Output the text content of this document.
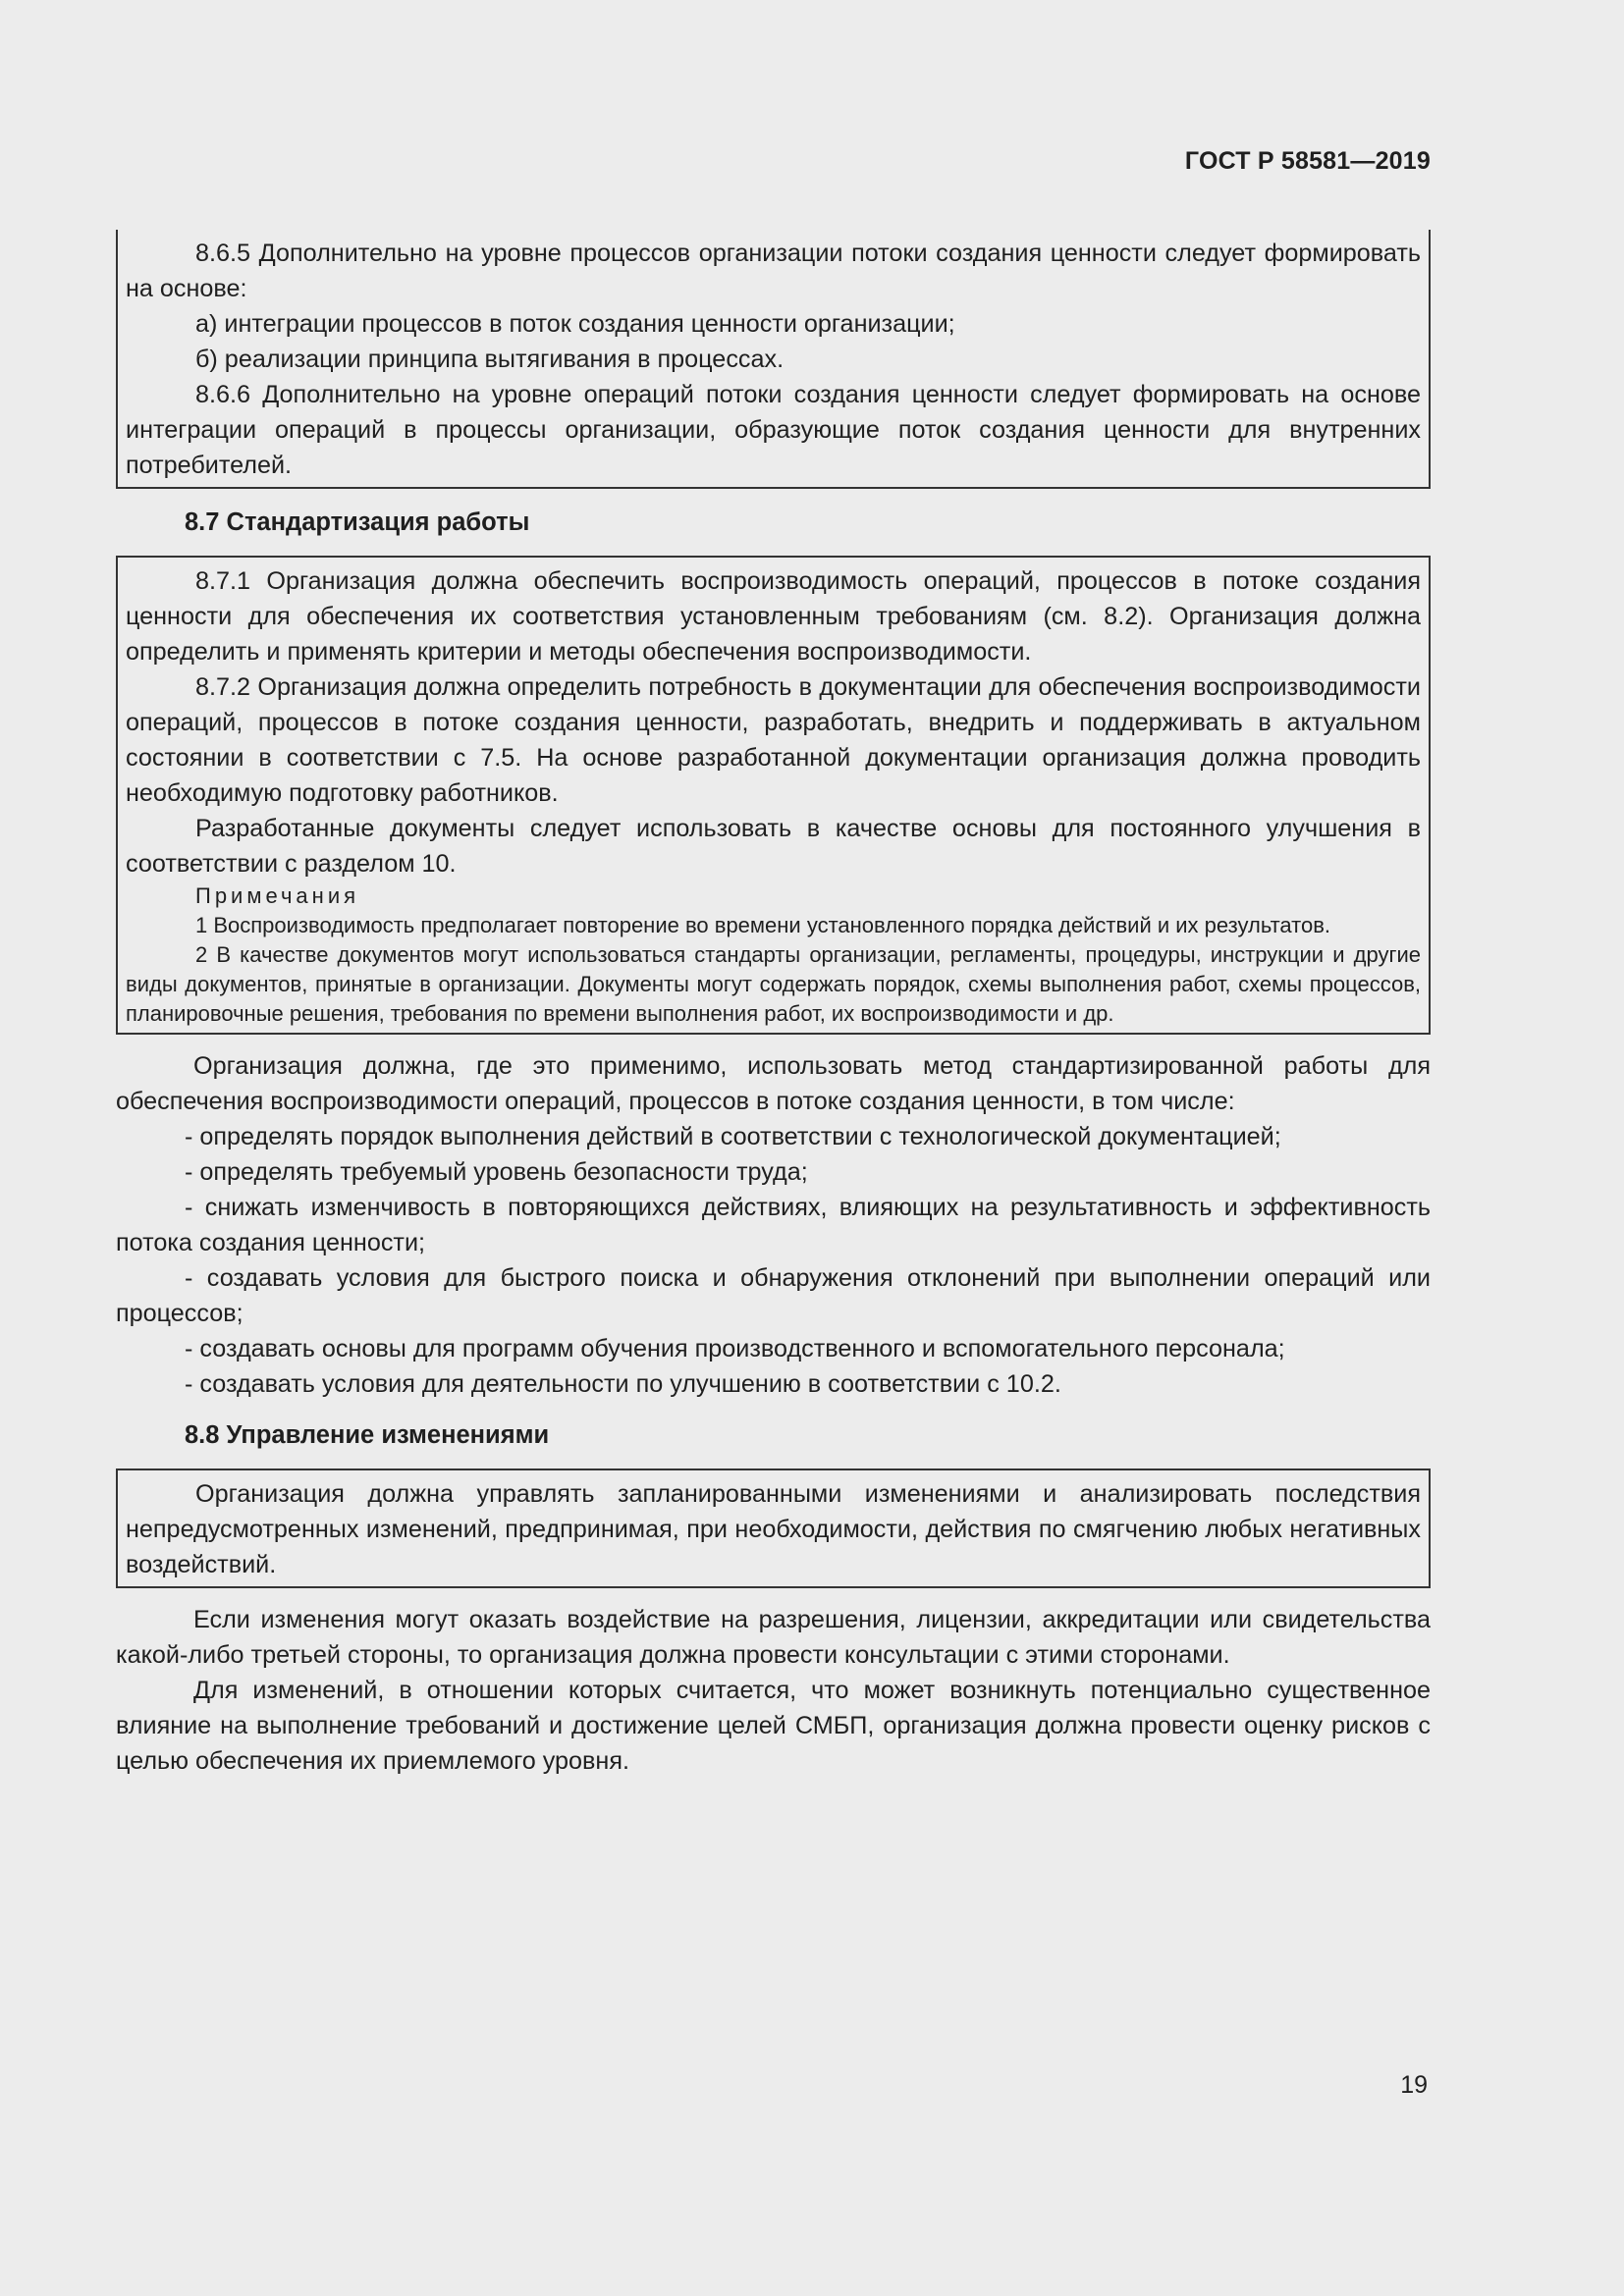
ГОСТ Р 58581—2019

8.6.5 Дополнительно на уровне процессов организации потоки создания ценности следует формировать на основе:

а) интеграции процессов в поток создания ценности организации;

б) реализации принципа вытягивания в процессах.

8.6.6 Дополнительно на уровне операций потоки создания ценности следует формировать на основе интеграции операций в процессы организации, образующие поток создания ценности для внутренних потребителей.

8.7 Стандартизация работы

8.7.1 Организация должна обеспечить воспроизводимость операций, процессов в потоке создания ценности для обеспечения их соответствия установленным требованиям (см. 8.2). Организация должна определить и применять критерии и методы обеспечения воспроизводимости.

8.7.2 Организация должна определить потребность в документации для обеспечения воспроизводимости операций, процессов в потоке создания ценности, разработать, внедрить и поддерживать в актуальном состоянии в соответствии с 7.5. На основе разработанной документации организация должна проводить необходимую подготовку работников.

Разработанные документы следует использовать в качестве основы для постоянного улучшения в соответствии с разделом 10.

Примечания

1 Воспроизводимость предполагает повторение во времени установленного порядка действий и их результатов.

2 В качестве документов могут использоваться стандарты организации, регламенты, процедуры, инструкции и другие виды документов, принятые в организации. Документы могут содержать порядок, схемы выполнения работ, схемы процессов, планировочные решения, требования по времени выполнения работ, их воспроизводимости и др.

Организация должна, где это применимо, использовать метод стандартизированной работы для обеспечения воспроизводимости операций, процессов в потоке создания ценности, в том числе:

- определять порядок выполнения действий в соответствии с технологической документацией;

- определять требуемый уровень безопасности труда;

- снижать изменчивость в повторяющихся действиях, влияющих на результативность и эффективность потока создания ценности;

- создавать условия для быстрого поиска и обнаружения отклонений при выполнении операций или процессов;

- создавать основы для программ обучения производственного и вспомогательного персонала;

- создавать условия для деятельности по улучшению в соответствии с 10.2.

8.8 Управление изменениями

Организация должна управлять запланированными изменениями и анализировать последствия непредусмотренных изменений, предпринимая, при необходимости, действия по смягчению любых негативных воздействий.

Если изменения могут оказать воздействие на разрешения, лицензии, аккредитации или свидетельства какой-либо третьей стороны, то организация должна провести консультации с этими сторонами.

Для изменений, в отношении которых считается, что может возникнуть потенциально существенное влияние на выполнение требований и достижение целей СМБП, организация должна провести оценку рисков с целью обеспечения их приемлемого уровня.

19
